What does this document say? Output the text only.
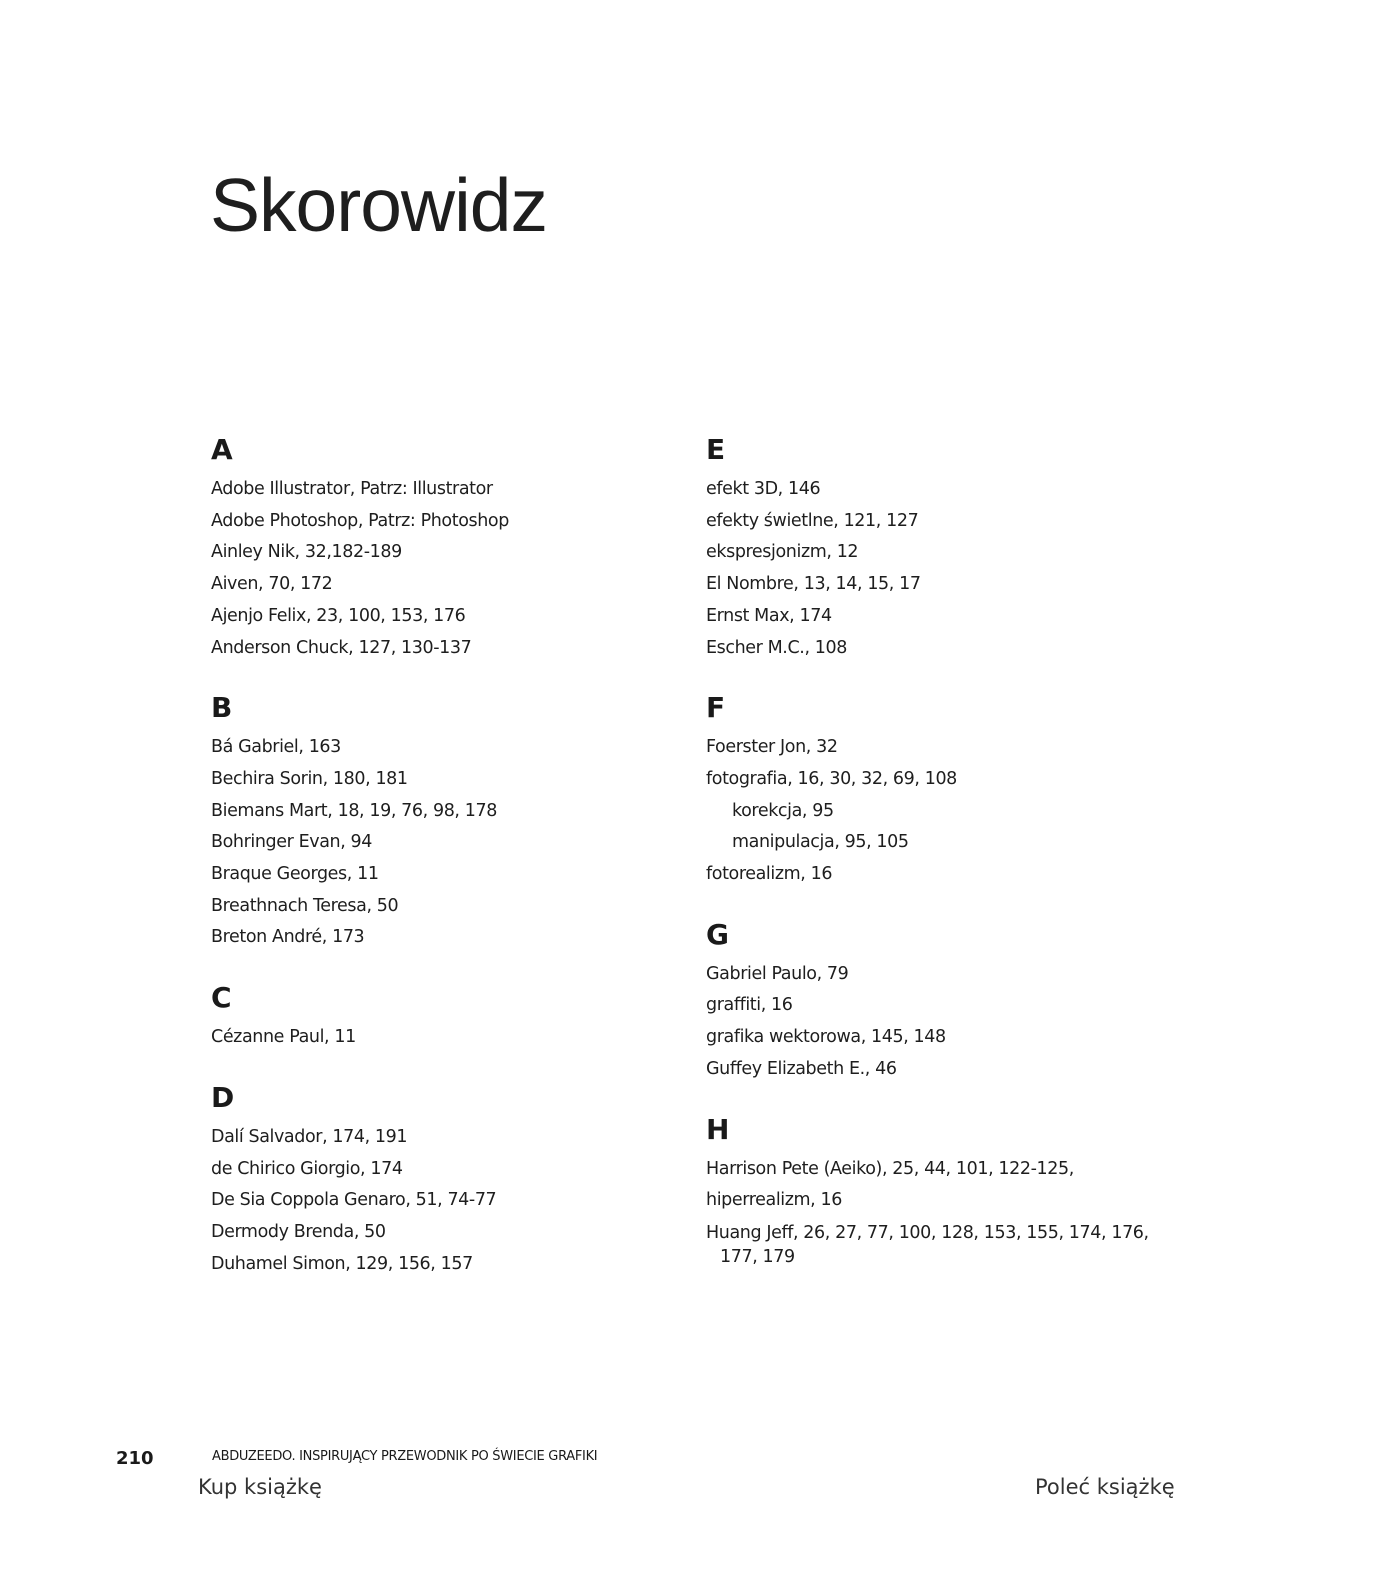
Skorowidz
A
Adobe Illustrator, Patrz: Illustrator
Adobe Photoshop, Patrz: Photoshop
Ainley Nik, 32,182-189
Aiven, 70, 172
Ajenjo Felix, 23, 100, 153, 176
Anderson Chuck, 127, 130-137
B
Bá Gabriel, 163
Bechira Sorin, 180, 181
Biemans Mart, 18, 19, 76, 98, 178
Bohringer Evan, 94
Braque Georges, 11
Breathnach Teresa, 50
Breton André, 173
C
Cézanne Paul, 11
D
Dalí Salvador, 174, 191
de Chirico Giorgio, 174
De Sia Coppola Genaro, 51, 74-77
Dermody Brenda, 50
Duhamel Simon, 129, 156, 157
E
efekt 3D, 146
efekty świetlne, 121, 127
ekspresjonizm, 12
El Nombre, 13, 14, 15, 17
Ernst Max, 174
Escher M.C., 108
F
Foerster Jon, 32
fotografia, 16, 30, 32, 69, 108
korekcja, 95
manipulacja, 95, 105
fotorealizm, 16
G
Gabriel Paulo, 79
graffiti, 16
grafika wektorowa, 145, 148
Guffey Elizabeth E., 46
H
Harrison Pete (Aeiko), 25, 44, 101, 122-125,
hiperrealizm, 16
Huang Jeff, 26, 27, 77, 100, 128, 153, 155, 174, 176, 177, 179
210	ABDUZEEDO. INSPIRUJĄCY PRZEWODNIK PO ŚWIECIE GRAFIKI
Kup książkę	Poleć książkę
